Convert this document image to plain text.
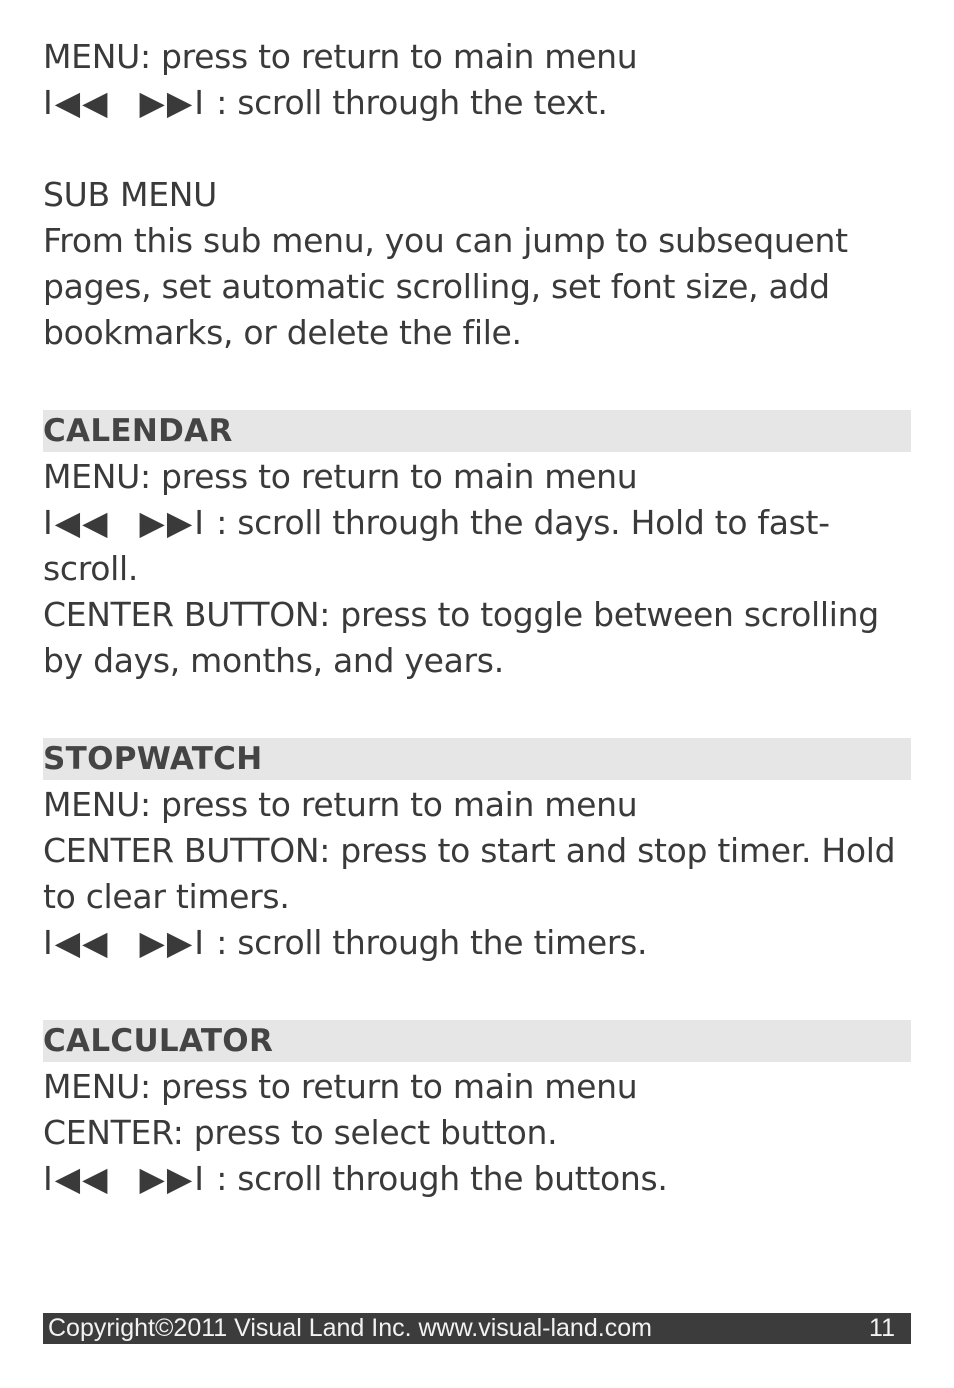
MENU: press to return to main menu
I◀◀ ▶▶I : scroll through the text.
SUB MENU
From this sub menu, you can jump to subsequent
pages, set automatic scrolling, set font size, add
bookmarks, or delete the file.
CALENDAR
MENU: press to return to main menu
I◀◀ ▶▶I : scroll through the days. Hold to fast-
scroll.
CENTER BUTTON: press to toggle between scrolling
by days, months, and years.
STOPWATCH
MENU: press to return to main menu
CENTER BUTTON: press to start and stop timer. Hold
to clear timers.
I◀◀ ▶▶I : scroll through the timers.
CALCULATOR
MENU: press to return to main menu
CENTER: press to select button.
I◀◀ ▶▶I : scroll through the buttons.
Copyright©2011 Visual Land Inc. www.visual-land.com	11
